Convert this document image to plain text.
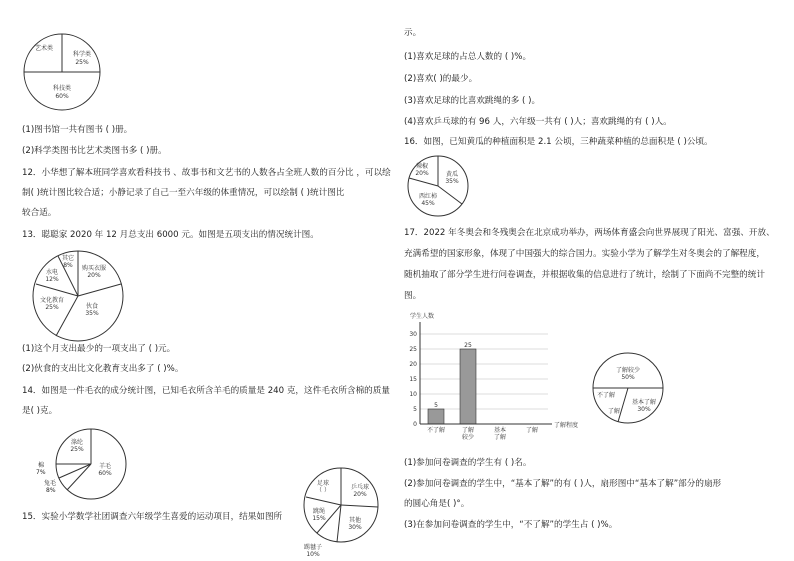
艺术类
科学类
25%
科技类
60%
(1)图书馆一共有图书 ( )册。
(2)科学类图书比艺术类图书多 ( )册。
12．小华想了解本班同学喜欢看科技书 、故事书和文艺书的人数各占全班人数的百分比 ，可以绘
制( )统计图比较合适；小静记录了自己一至六年级的体重情况，可以绘制 ( )统计图比
较合适。
13．聪聪家 2020 年 12 月总支出 6000 元。如图是五项支出的情况统计图。
其它
8% 购买衣服
20%
水电
12%
文化教育
25%	伙食
35%
(1)这个月支出最少的一项支出了 ( )元。
(2)伙食的支出比文化教育支出多了 ( )%。
14．如图是一件毛衣的成分统计图，已知毛衣所含羊毛的质量是 240 克，这件毛衣所含棉的质量
是( )克。
涤纶
25%
羊毛
60%
棉
7%
兔毛
8%
15．实验小学数学社团调查六年级学生喜爱的运动项目，结果如图所
足球
（ ）	乒乓球
20%
跳绳
15%	其他
30%
踢毽子
10%
示。
(1)喜欢足球的占总人数的 ( )%。
(2)喜欢( )的最少。
(3)喜欢足球的比喜欢跳绳的多 ( )。
(4)喜欢乒乓球的有 96 人，六年级一共有 ( )人；喜欢跳绳的有 ( )人。
16．如图，已知黄瓜的种植面积是 2.1 公顷，三种蔬菜种植的总面积是 ( )公顷。
辣椒
20%	黄瓜
35%
西红柿
45%
17．2022 年冬奥会和冬残奥会在北京成功举办，两场体育盛会向世界展现了阳光、富强、开放、
充满希望的国家形象，体现了中国强大的综合国力。实验小学为了解学生对冬奥会的了解程度，
随机抽取了部分学生进行问卷调查，并根据收集的信息进行了统计，绘制了下面尚不完整的统计
图。
学生人数
0
5
10
15
20
25
30
5
25
不了解	了解
较少
基本
了解
了解
了解程度
了解较少
50%
不了解
了解
基本了解
30%
(1)参加问卷调查的学生有 ( )名。
(2)参加问卷调查的学生中，“基本了解”的有 ( )人，扇形图中“基本了解”部分的扇形
的圆心角是( )°。
(3)在参加问卷调查的学生中，“不了解”的学生占 ( )%。
